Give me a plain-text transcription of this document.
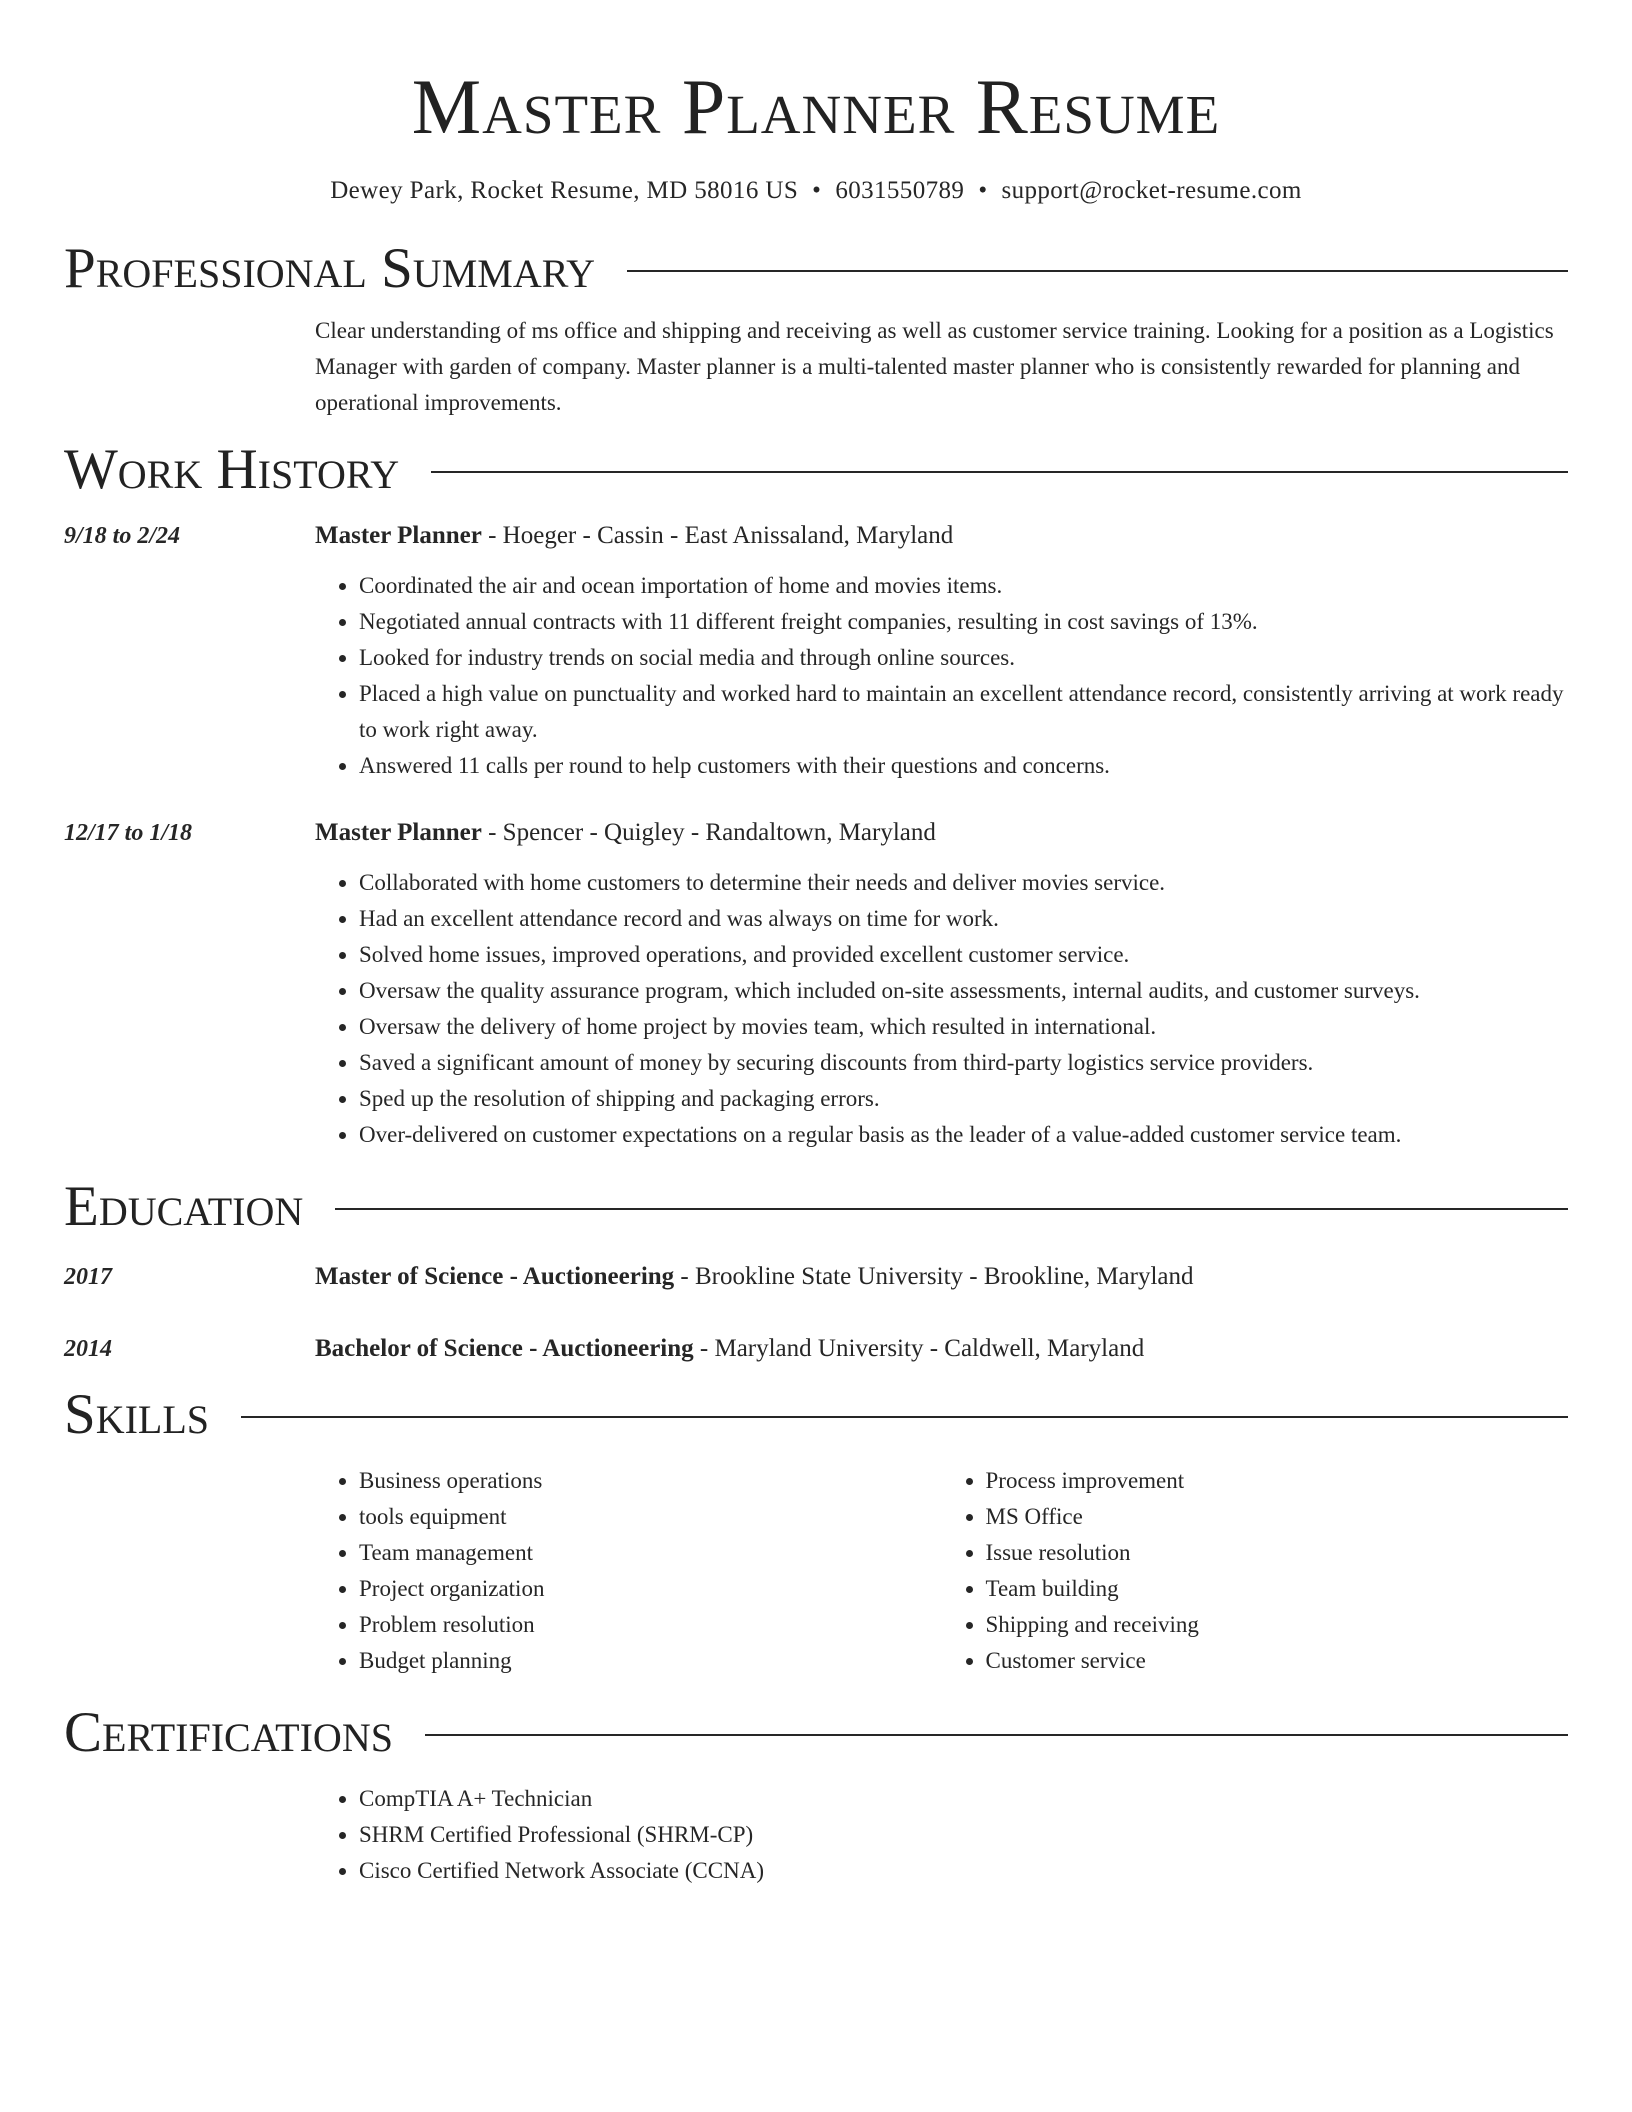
Master Planner Resume
Dewey Park, Rocket Resume, MD 58016 US • 6031550789 • support@rocket-resume.com
Professional Summary
Clear understanding of ms office and shipping and receiving as well as customer service training. Looking for a position as a Logistics Manager with garden of company. Master planner is a multi-talented master planner who is consistently rewarded for planning and operational improvements.
Work History
9/18 to 2/24	Master Planner - Hoeger - Cassin - East Anissaland, Maryland
• Coordinated the air and ocean importation of home and movies items.
• Negotiated annual contracts with 11 different freight companies, resulting in cost savings of 13%.
• Looked for industry trends on social media and through online sources.
• Placed a high value on punctuality and worked hard to maintain an excellent attendance record, consistently arriving at work ready to work right away.
• Answered 11 calls per round to help customers with their questions and concerns.
12/17 to 1/18	Master Planner - Spencer - Quigley - Randaltown, Maryland
• Collaborated with home customers to determine their needs and deliver movies service.
• Had an excellent attendance record and was always on time for work.
• Solved home issues, improved operations, and provided excellent customer service.
• Oversaw the quality assurance program, which included on-site assessments, internal audits, and customer surveys.
• Oversaw the delivery of home project by movies team, which resulted in international.
• Saved a significant amount of money by securing discounts from third-party logistics service providers.
• Sped up the resolution of shipping and packaging errors.
• Over-delivered on customer expectations on a regular basis as the leader of a value-added customer service team.
Education
2017	Master of Science - Auctioneering - Brookline State University - Brookline, Maryland
2014	Bachelor of Science - Auctioneering - Maryland University - Caldwell, Maryland
Skills
• Business operations
• tools equipment
• Team management
• Project organization
• Problem resolution
• Budget planning
• Process improvement
• MS Office
• Issue resolution
• Team building
• Shipping and receiving
• Customer service
Certifications
• CompTIA A+ Technician
• SHRM Certified Professional (SHRM-CP)
• Cisco Certified Network Associate (CCNA)
